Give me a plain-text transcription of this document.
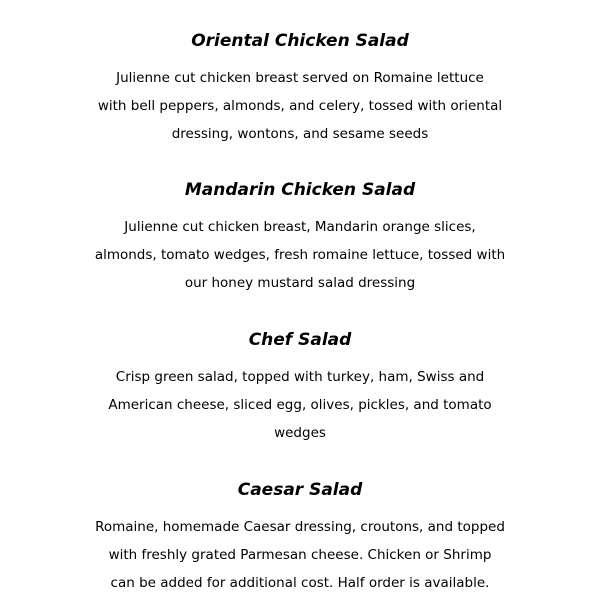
Oriental Chicken Salad
Julienne cut chicken breast served on Romaine lettuce
with bell peppers, almonds, and celery, tossed with oriental
dressing, wontons, and sesame seeds
Mandarin Chicken Salad
Julienne cut chicken breast, Mandarin orange slices,
almonds, tomato wedges, fresh romaine lettuce, tossed with
our honey mustard salad dressing
Chef Salad
Crisp green salad, topped with turkey, ham, Swiss and
American cheese, sliced egg, olives, pickles, and tomato
wedges
Caesar Salad
Romaine, homemade Caesar dressing, croutons, and topped
with freshly grated Parmesan cheese. Chicken or Shrimp
can be added for additional cost. Half order is available.
